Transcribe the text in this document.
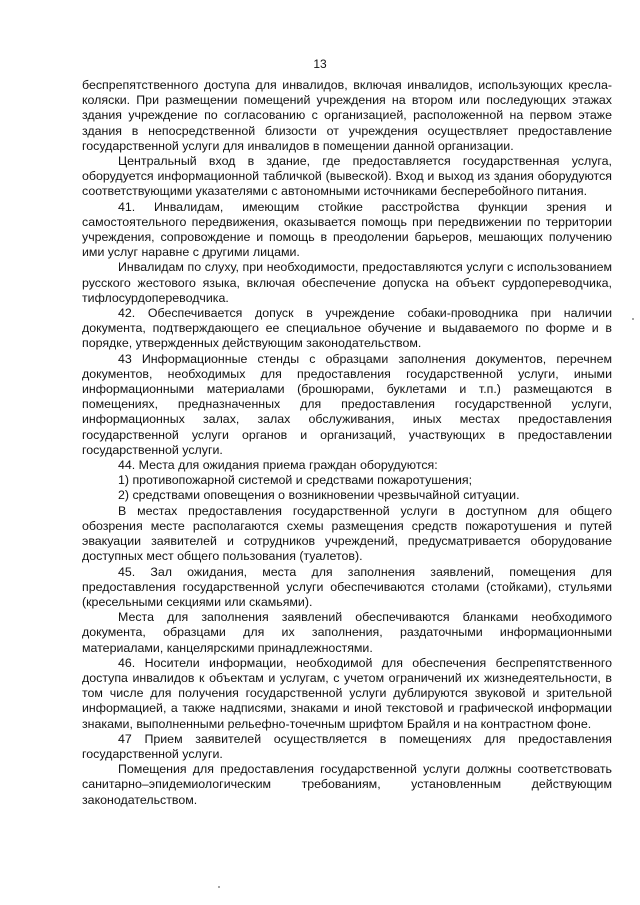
13

беспрепятственного доступа для инвалидов, включая инвалидов, использующих кресла-коляски. При размещении помещений учреждения на втором или последующих этажах здания учреждение по согласованию с организацией, расположенной на первом этаже здания в непосредственной близости от учреждения осуществляет предоставление государственной услуги для инвалидов в помещении данной организации.

Центральный вход в здание, где предоставляется государственная услуга, оборудуется информационной табличкой (вывеской). Вход и выход из здания оборудуются соответствующими указателями с автономными источниками бесперебойного питания.

41. Инвалидам, имеющим стойкие расстройства функции зрения и самостоятельного передвижения, оказывается помощь при передвижении по территории учреждения, сопровождение и помощь в преодолении барьеров, мешающих получению ими услуг наравне с другими лицами.

Инвалидам по слуху, при необходимости, предоставляются услуги с использованием русского жестового языка, включая обеспечение допуска на объект сурдопереводчика, тифлосурдопереводчика.

42. Обеспечивается допуск в учреждение собаки-проводника при наличии документа, подтверждающего ее специальное обучение и выдаваемого по форме и в порядке, утвержденных действующим законодательством.

43 Информационные стенды с образцами заполнения документов, перечнем документов, необходимых для предоставления государственной услуги, иными информационными материалами (брошюрами, буклетами и т.п.) размещаются в помещениях, предназначенных для предоставления государственной услуги, информационных залах, залах обслуживания, иных местах предоставления государственной услуги органов и организаций, участвующих в предоставлении государственной услуги.

44. Места для ожидания приема граждан оборудуются:

1) противопожарной системой и средствами пожаротушения;

2) средствами оповещения о возникновении чрезвычайной ситуации.

В местах предоставления государственной услуги в доступном для общего обозрения месте располагаются схемы размещения средств пожаротушения и путей эвакуации заявителей и сотрудников учреждений, предусматривается оборудование доступных мест общего пользования (туалетов).

45. Зал ожидания, места для заполнения заявлений, помещения для предоставления государственной услуги обеспечиваются столами (стойками), стульями (кресельными секциями или скамьями).

Места для заполнения заявлений обеспечиваются бланками необходимого документа, образцами для их заполнения, раздаточными информационными материалами, канцелярскими принадлежностями.

46. Носители информации, необходимой для обеспечения беспрепятственного доступа инвалидов к объектам и услугам, с учетом ограничений их жизнедеятельности, в том числе для получения государственной услуги дублируются звуковой и зрительной информацией, а также надписями, знаками и иной текстовой и графической информации знаками, выполненными рельефно-точечным шрифтом Брайля и на контрастном фоне.

47 Прием заявителей осуществляется в помещениях для предоставления государственной услуги.

Помещения для предоставления государственной услуги должны соответствовать санитарно–эпидемиологическим требованиям, установленным действующим законодательством.
